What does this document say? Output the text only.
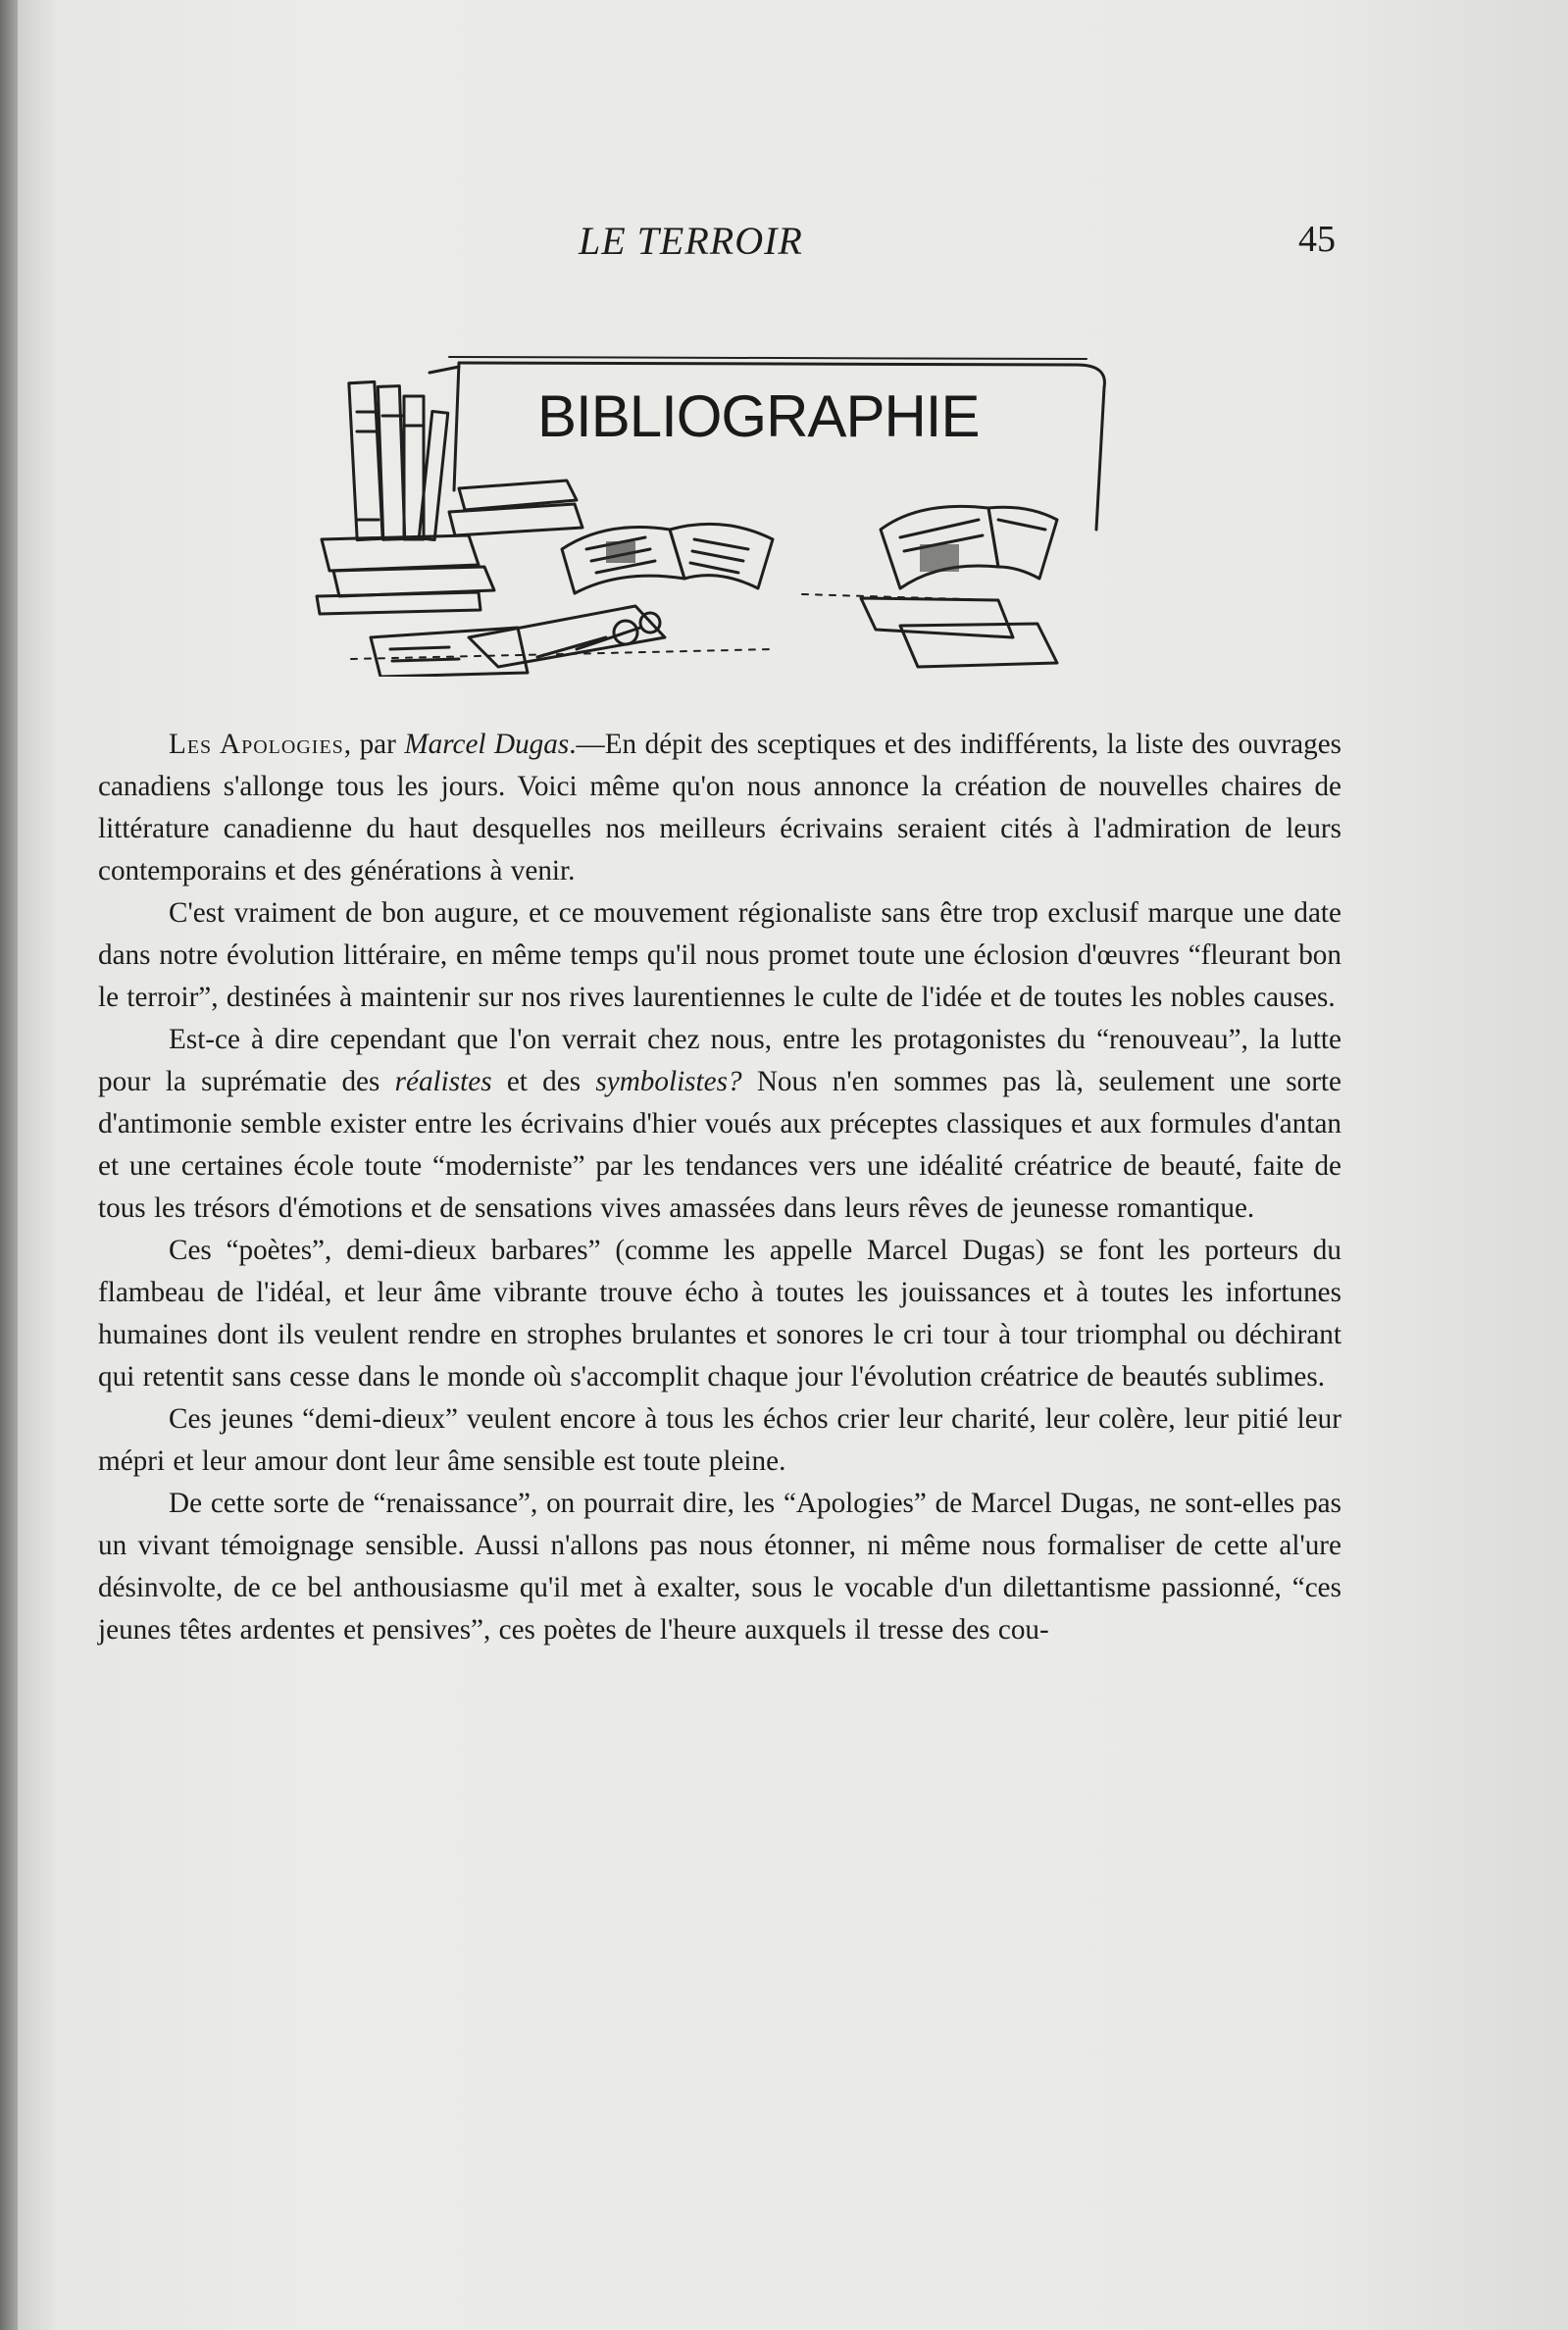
LE TERROIR	45
BIBLIOGRAPHIE

Les Apologies, par Marcel Dugas.—En dépit des sceptiques et des indifférents, la liste des ouvrages canadiens s'allonge tous les jours. Voici même qu'on nous annonce la création de nouvelles chaires de littérature canadienne du haut desquelles nos meilleurs écrivains seraient cités à l'admiration de leurs contemporains et des générations à venir.

C'est vraiment de bon augure, et ce mouvement régionaliste sans être trop exclusif marque une date dans notre évolution littéraire, en même temps qu'il nous promet toute une éclosion d'œuvres “fleurant bon le terroir”, destinées à maintenir sur nos rives laurentiennes le culte de l'idée et de toutes les nobles causes.

Est-ce à dire cependant que l'on verrait chez nous, entre les protagonistes du “renouveau”, la lutte pour la suprématie des réalistes et des symbolistes? Nous n'en sommes pas là, seulement une sorte d'antimonie semble exister entre les écrivains d'hier voués aux préceptes classiques et aux formules d'antan et une certaines école toute “moderniste” par les tendances vers une idéalité créatrice de beauté, faite de tous les trésors d'émotions et de sensations vives amassées dans leurs rêves de jeunesse romantique.

Ces “poètes”, demi-dieux barbares” (comme les appelle Marcel Dugas) se font les porteurs du flambeau de l'idéal, et leur âme vibrante trouve écho à toutes les jouissances et à toutes les infortunes humaines dont ils veulent rendre en strophes brulantes et sonores le cri tour à tour triomphal ou déchirant qui retentit sans cesse dans le monde où s'accomplit chaque jour l'évolution créatrice de beautés sublimes.

Ces jeunes “demi-dieux” veulent encore à tous les échos crier leur charité, leur colère, leur pitié leur mépri et leur amour dont leur âme sensible est toute pleine.

De cette sorte de “renaissance”, on pourrait dire, les “Apologies” de Marcel Dugas, ne sont-elles pas un vivant témoignage sensible. Aussi n'allons pas nous étonner, ni même nous formaliser de cette al'ure désinvolte, de ce bel anthousiasme qu'il met à exalter, sous le vocable d'un dilettantisme passionné, “ces jeunes têtes ardentes et pensives”, ces poètes de l'heure auxquels il tresse des cou-
